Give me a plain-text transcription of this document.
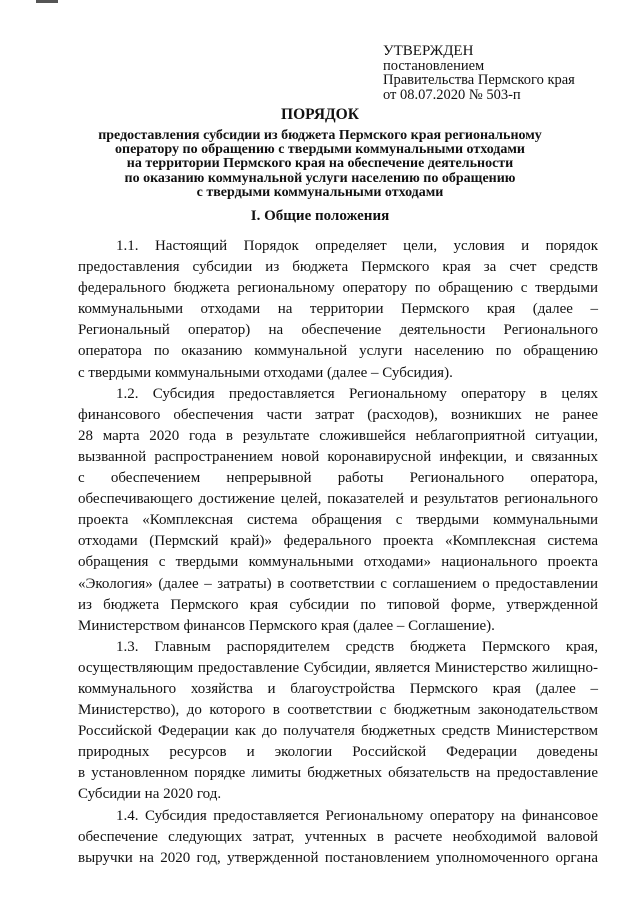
УТВЕРЖДЕН
постановлением
Правительства Пермского края
от 08.07.2020 № 503-п
ПОРЯДОК
предоставления субсидии из бюджета Пермского края региональному
оператору по обращению с твердыми коммунальными отходами
на территории Пермского края на обеспечение деятельности
по оказанию коммунальной услуги населению по обращению
с твердыми коммунальными отходами
I. Общие положения
1.1. Настоящий Порядок определяет цели, условия и порядок
предоставления субсидии из бюджета Пермского края за счет средств
федерального бюджета региональному оператору по обращению с твердыми
коммунальными отходами на территории Пермского края (далее –
Региональный оператор) на обеспечение деятельности Регионального
оператора по оказанию коммунальной услуги населению по обращению
с твердыми коммунальными отходами (далее – Субсидия).
1.2. Субсидия предоставляется Региональному оператору в целях
финансового обеспечения части затрат (расходов), возникших не ранее
28 марта 2020 года в результате сложившейся неблагоприятной ситуации,
вызванной распространением новой коронавирусной инфекции, и связанных
с обеспечением непрерывной работы Регионального оператора,
обеспечивающего достижение целей, показателей и результатов регионального
проекта «Комплексная система обращения с твердыми коммунальными
отходами (Пермский край)» федерального проекта «Комплексная система
обращения с твердыми коммунальными отходами» национального проекта
«Экология» (далее – затраты) в соответствии с соглашением о предоставлении
из бюджета Пермского края субсидии по типовой форме, утвержденной
Министерством финансов Пермского края (далее – Соглашение).
1.3. Главным распорядителем средств бюджета Пермского края,
осуществляющим предоставление Субсидии, является Министерство жилищно-
коммунального хозяйства и благоустройства Пермского края (далее –
Министерство), до которого в соответствии с бюджетным законодательством
Российской Федерации как до получателя бюджетных средств Министерством
природных ресурсов и экологии Российской Федерации доведены
в установленном порядке лимиты бюджетных обязательств на предоставление
Субсидии на 2020 год.
1.4. Субсидия предоставляется Региональному оператору на финансовое
обеспечение следующих затрат, учтенных в расчете необходимой валовой
выручки на 2020 год, утвержденной постановлением уполномоченного органа
